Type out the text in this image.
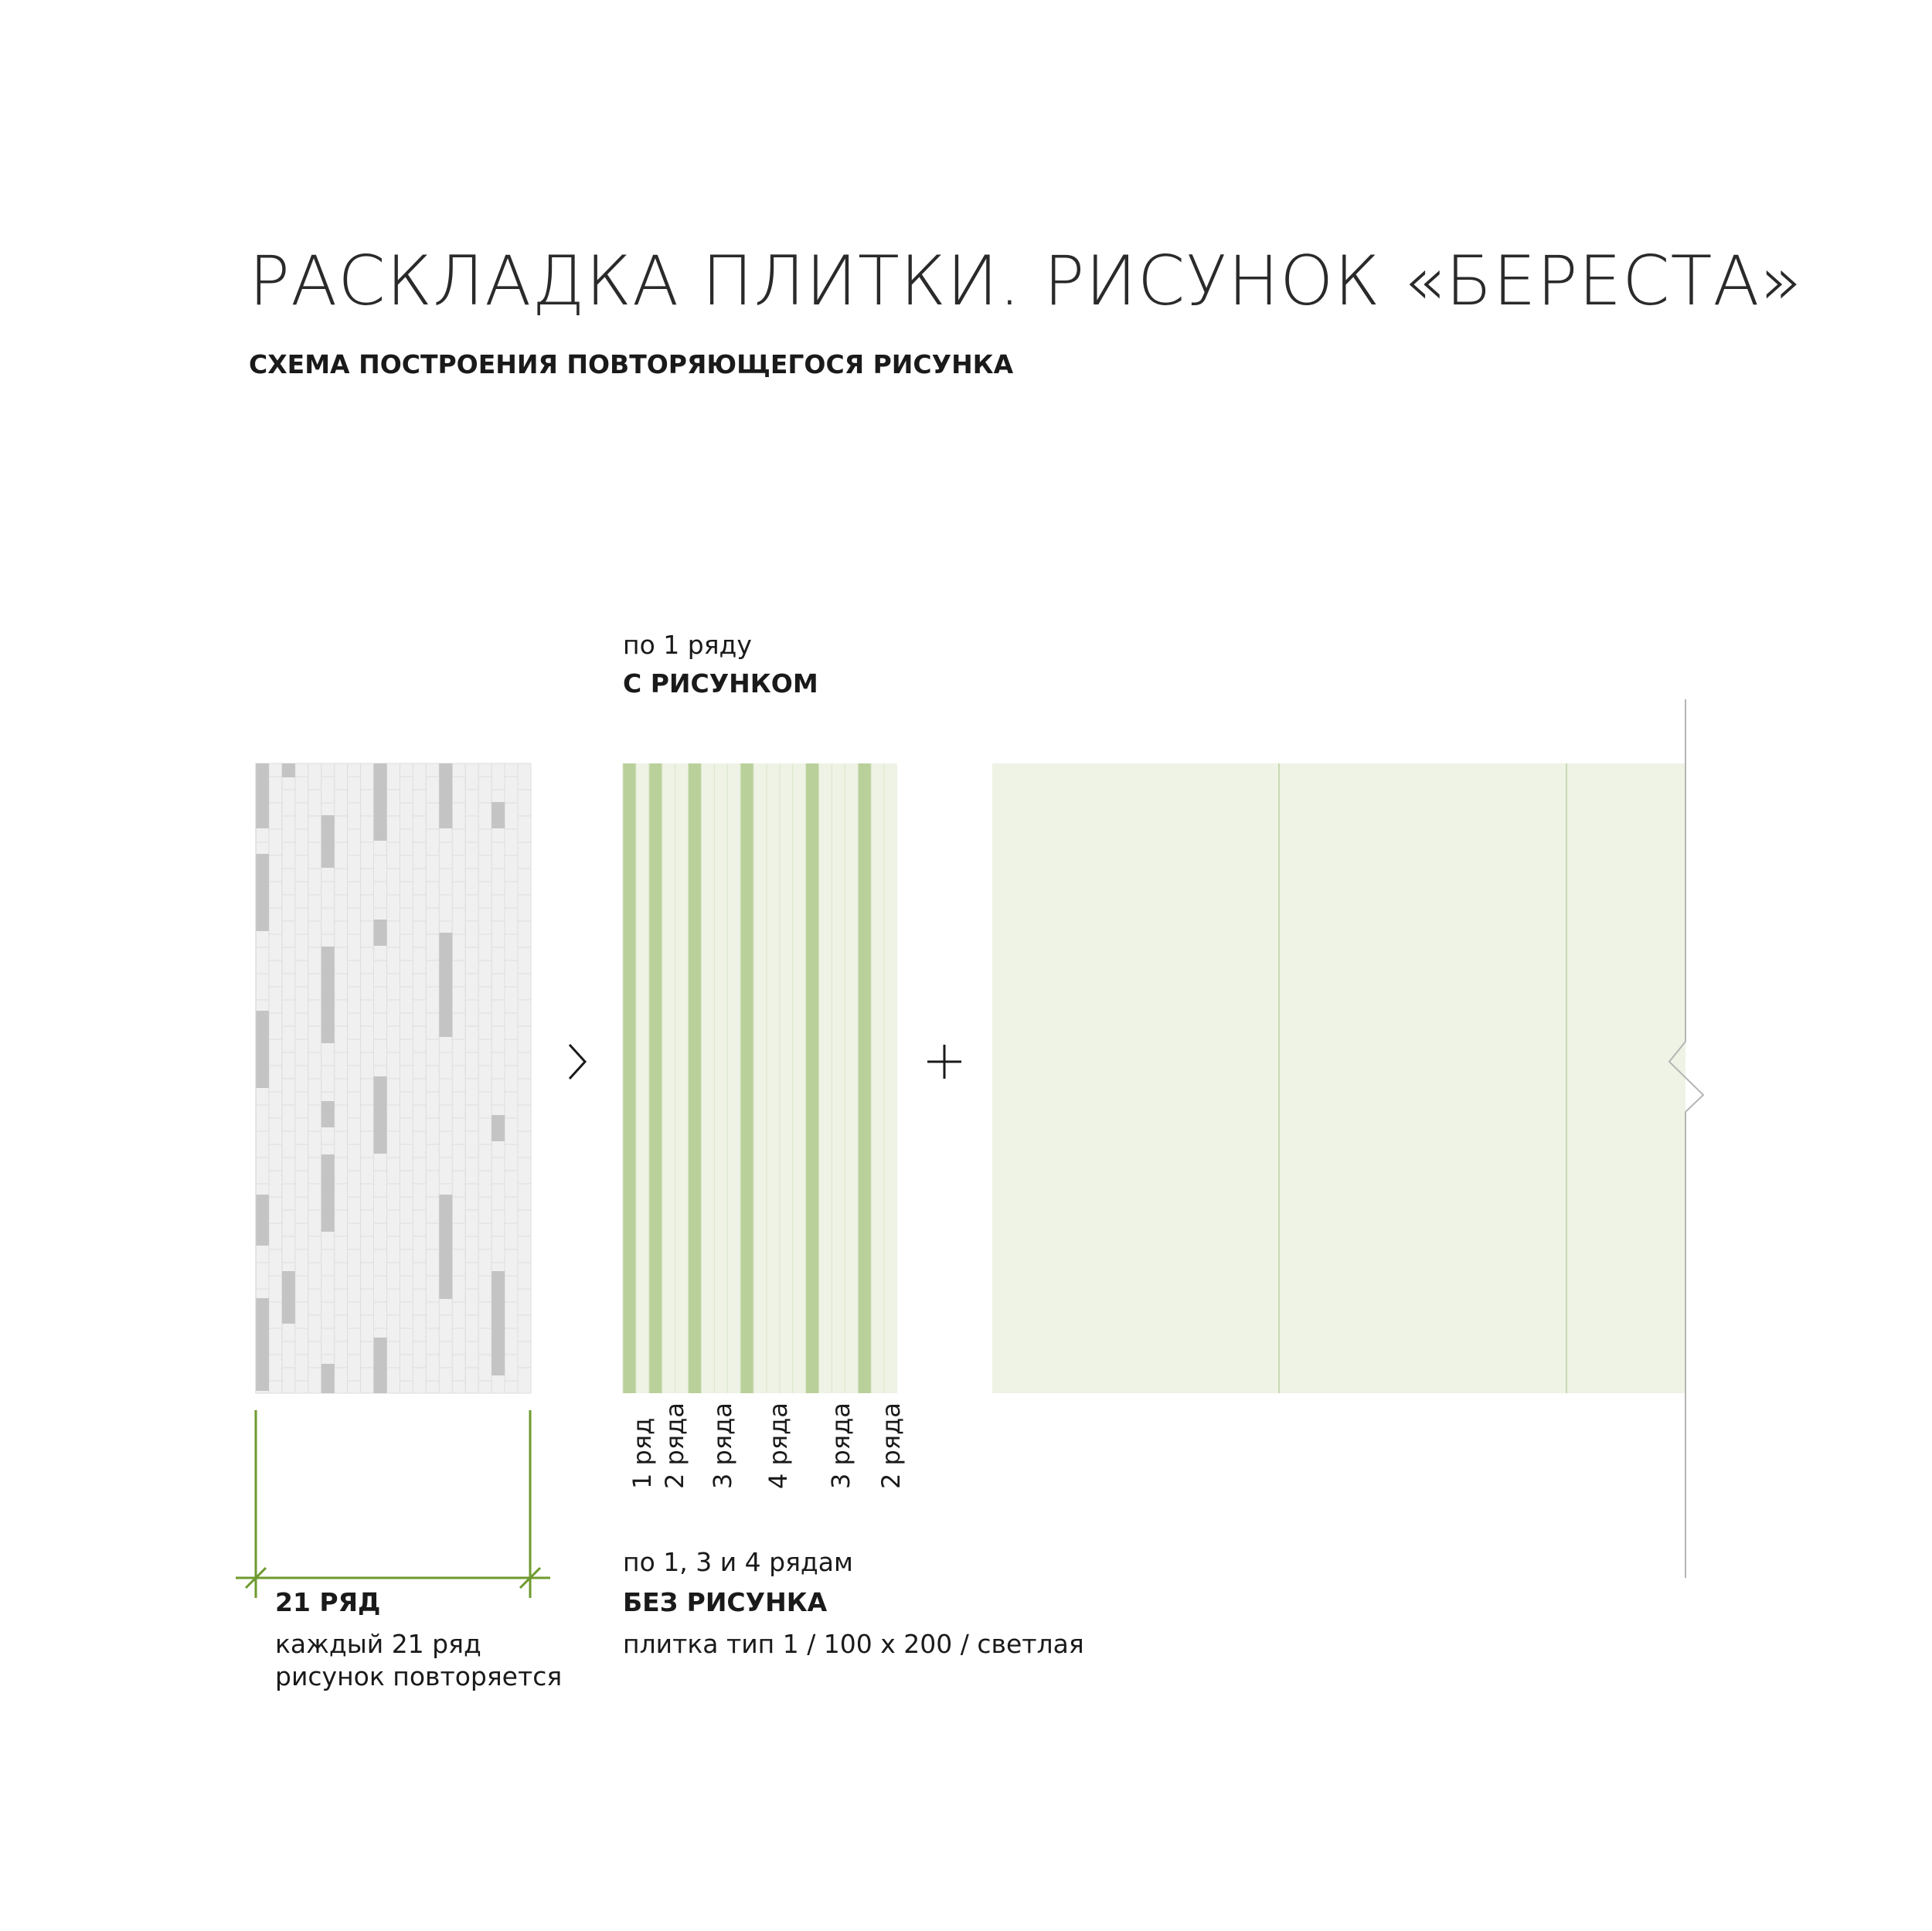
РАСКЛАДКА ПЛИТКИ. РИСУНОК «БЕРЕСТА»
СХЕМА ПОСТРОЕНИЯ ПОВТОРЯЮЩЕГОСЯ РИСУНКА
по 1 ряду
С РИСУНКОМ
по 1, 3 и 4 рядам
БЕЗ РИСУНКА
плитка тип 1 / 100 x 200 / светлая
21 РЯД
каждый 21 ряд
рисунок повторяется
1 ряд 2 ряда 3 ряда 4 ряда 3 ряда 2 ряда
